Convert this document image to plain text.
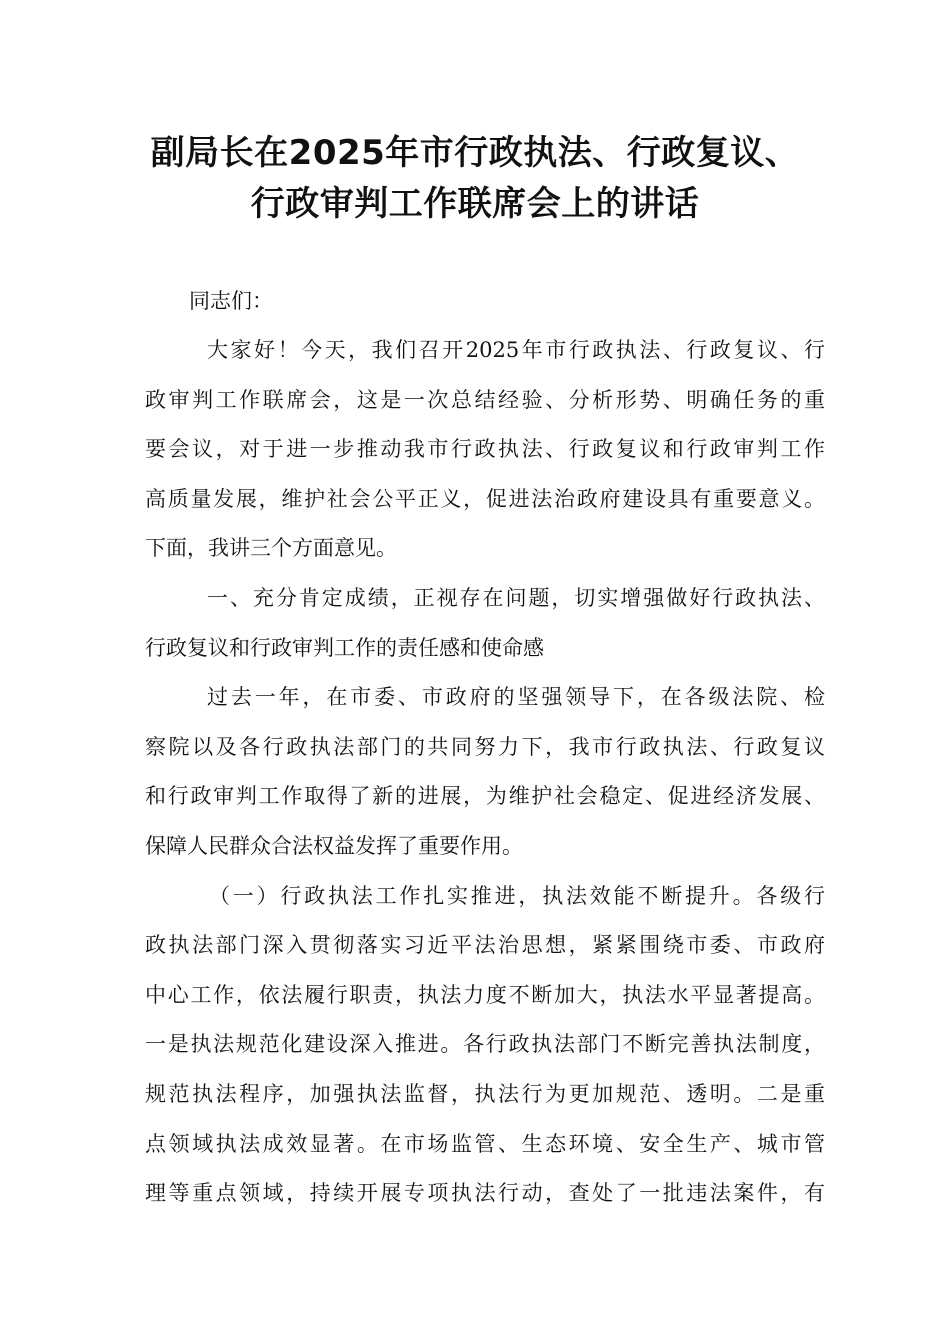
副局长在2025年市行政执法、行政复议、
行政审判工作联席会上的讲话

同志们：

大家好！今天，我们召开2025年市行政执法、行政复议、行
政审判工作联席会，这是一次总结经验、分析形势、明确任务的重
要会议，对于进一步推动我市行政执法、行政复议和行政审判工作
高质量发展，维护社会公平正义，促进法治政府建设具有重要意义。
下面，我讲三个方面意见。
一、充分肯定成绩，正视存在问题，切实增强做好行政执法、
行政复议和行政审判工作的责任感和使命感
过去一年，在市委、市政府的坚强领导下，在各级法院、检
察院以及各行政执法部门的共同努力下，我市行政执法、行政复议
和行政审判工作取得了新的进展，为维护社会稳定、促进经济发展、
保障人民群众合法权益发挥了重要作用。
（一）行政执法工作扎实推进，执法效能不断提升。各级行
政执法部门深入贯彻落实习近平法治思想，紧紧围绕市委、市政府
中心工作，依法履行职责，执法力度不断加大，执法水平显著提高。
一是执法规范化建设深入推进。各行政执法部门不断完善执法制度，
规范执法程序，加强执法监督，执法行为更加规范、透明。二是重
点领域执法成效显著。在市场监管、生态环境、安全生产、城市管
理等重点领域，持续开展专项执法行动，查处了一批违法案件，有
